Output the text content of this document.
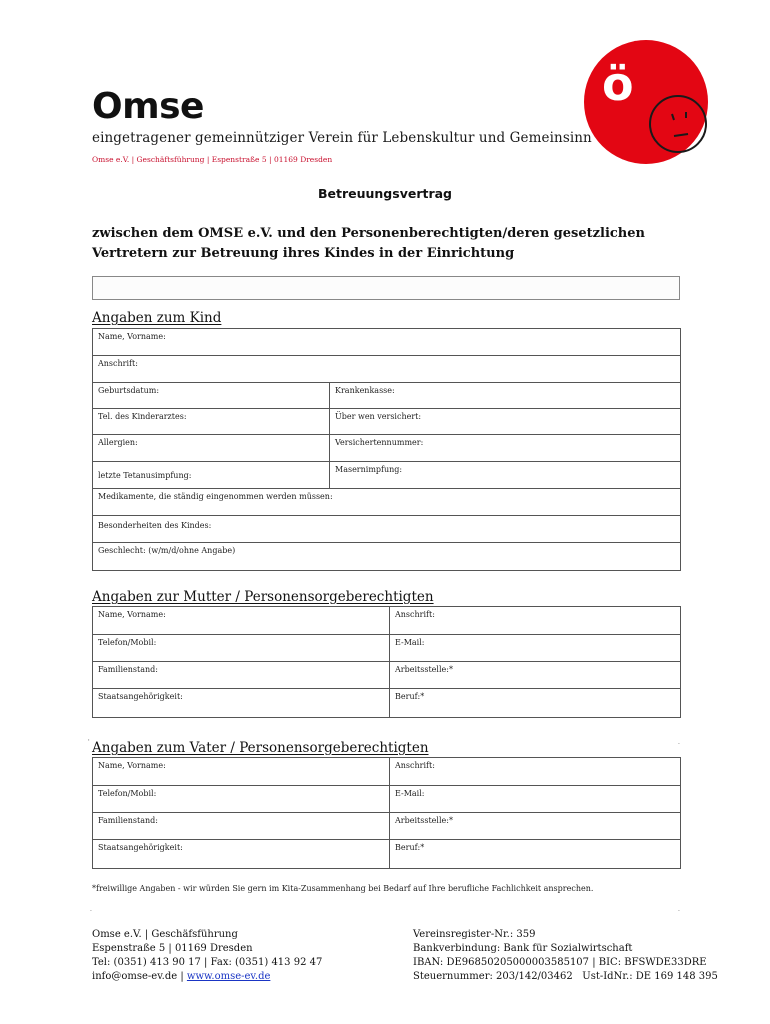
Omse
eingetragener gemeinnütziger Verein für Lebenskultur und Gemeinsinn
Omse e.V. | Geschäftsführung | Espenstraße 5 | 01169 Dresden
ö
Betreuungsvertrag
zwischen dem OMSE e.V. und den Personenberechtigten/deren gesetzlichen Vertretern zur Betreuung ihres Kindes in der Einrichtung
Angaben zum Kind
Name, Vorname:	
Anschrift:	
Geburtsdatum:	Krankenkasse:
Tel. des Kinderarztes:	Über wen versichert:
Allergien:	Versichertennummer:
letzte Tetanusimpfung:	Masernimpfung:
Medikamente, die ständig eingenommen werden müssen:	
Besonderheiten des Kindes:	
Geschlecht: (w/m/d/ohne Angabe)	
Angaben zur Mutter / Personensorgeberechtigten
Name, Vorname:	Anschrift:
Telefon/Mobil:	E-Mail:
Familienstand:	Arbeitsstelle:*
Staatsangehörigkeit:	Beruf:*
'	.
Angaben zum Vater / Personensorgeberechtigten
Name, Vorname:	Anschrift:
Telefon/Mobil:	E-Mail:
Familienstand:	Arbeitsstelle:*
Staatsangehörigkeit:	Beruf:*
*freiwillige Angaben - wir würden Sie gern im Kita-Zusammenhang bei Bedarf auf Ihre berufliche Fachlichkeit ansprechen.
.	.
Omse e.V. | Geschäfsführung
Espenstraße 5 | 01169 Dresden
Tel: (0351) 413 90 17 | Fax: (0351) 413 92 47
info@omse-ev.de | www.omse-ev.de
Vereinsregister-Nr.: 359
Bankverbindung: Bank für Sozialwirtschaft
IBAN: DE96850205000003585107 | BIC: BFSWDE33DRE
Steuernummer: 203/142/03462   Ust-IdNr.: DE 169 148 395
